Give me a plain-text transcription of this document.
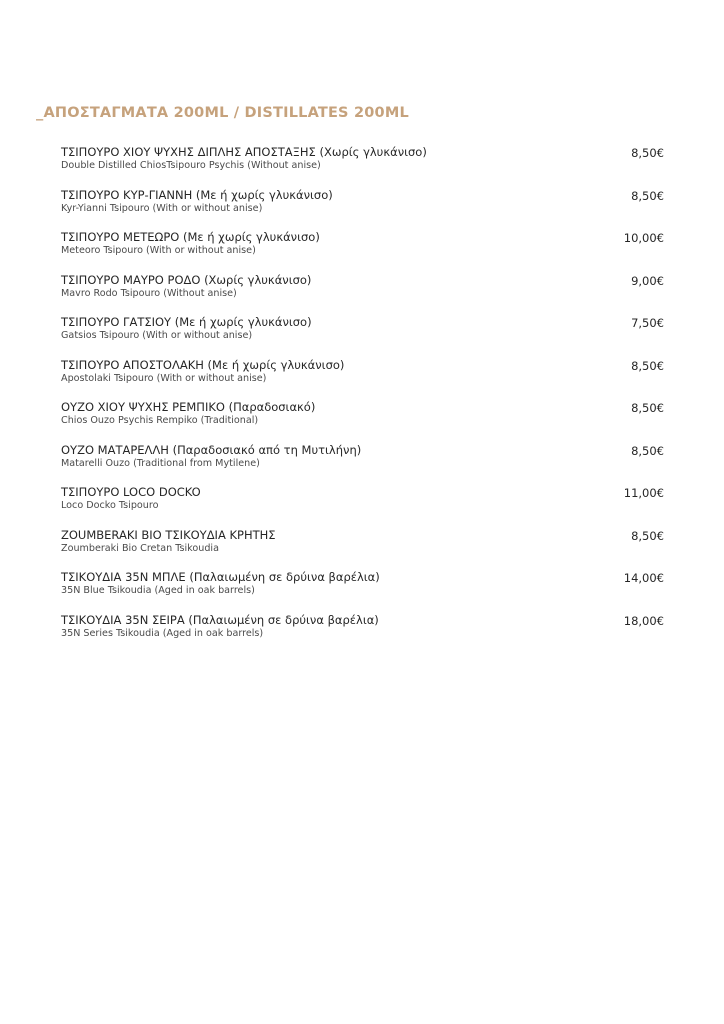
_ΑΠΟΣΤΑΓΜΑΤΑ 200ML / DISTILLATES 200ML
ΤΣΙΠΟΥΡΟ ΧΙΟΥ ΨΥΧΗΣ ΔΙΠΛΗΣ ΑΠΟΣΤΑΞΗΣ (Χωρίς γλυκάνισο)
Double Distilled ChiosTsipouro Psychis (Without anise)
8,50€
ΤΣΙΠΟΥΡΟ ΚΥΡ-ΓΙΑΝΝΗ (Με ή χωρίς γλυκάνισο)
Kyr-Yianni Tsipouro (With or without anise)
8,50€
ΤΣΙΠΟΥΡΟ ΜΕΤΕΩΡΟ (Με ή χωρίς γλυκάνισο)
Meteoro Tsipouro (With or without anise)
10,00€
ΤΣΙΠΟΥΡΟ ΜΑΥΡΟ ΡΟΔΟ (Χωρίς γλυκάνισο)
Mavro Rodo Tsipouro (Without anise)
9,00€
ΤΣΙΠΟΥΡΟ ΓΑΤΣΙΟΥ (Με ή χωρίς γλυκάνισο)
Gatsios Tsipouro (With or without anise)
7,50€
ΤΣΙΠΟΥΡΟ ΑΠΟΣΤΟΛΑΚΗ (Με ή χωρίς γλυκάνισο)
Apostolaki Tsipouro (With or without anise)
8,50€
ΟΥΖΟ ΧΙΟΥ ΨΥΧΗΣ ΡΕΜΠΙΚΟ (Παραδοσιακό)
Chios Ouzo Psychis Rempiko (Traditional)
8,50€
ΟΥΖΟ ΜΑΤΑΡΕΛΛΗ (Παραδοσιακό από τη Μυτιλήνη)
Matarelli Ouzo (Traditional from Mytilene)
8,50€
ΤΣΙΠΟΥΡΟ LOCO DOCKO
Loco Docko Tsipouro
11,00€
ZOUMBERAKI ΒΙΟ ΤΣΙΚΟΥΔΙΑ ΚΡΗΤΗΣ
Zoumberaki Bio Cretan Tsikoudia
8,50€
ΤΣΙΚΟΥΔΙΑ 35Ν ΜΠΛΕ (Παλαιωμένη σε δρύινα βαρέλια)
35N Blue Tsikoudia (Aged in oak barrels)
14,00€
ΤΣΙΚΟΥΔΙΑ 35Ν ΣΕΙΡΑ (Παλαιωμένη σε δρύινα βαρέλια)
35N Series Tsikoudia (Aged in oak barrels)
18,00€
